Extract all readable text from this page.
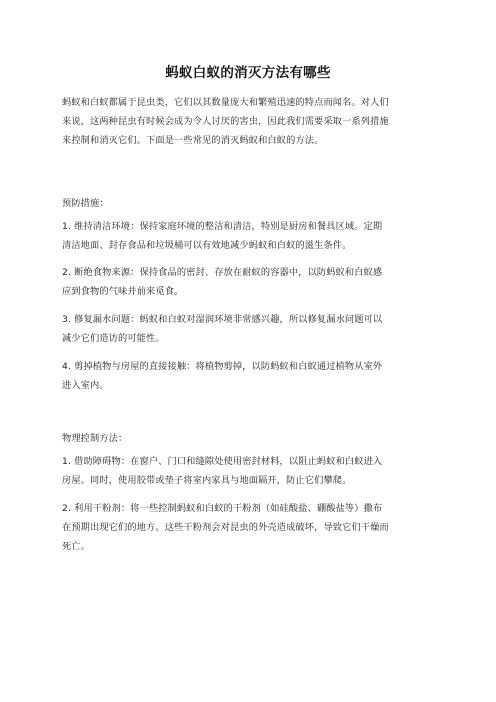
蚂蚁白蚁的消灭方法有哪些
蚂蚁和白蚁都属于昆虫类，它们以其数量庞大和繁殖迅速的特点而闻名。对人们
来说，这两种昆虫有时候会成为令人讨厌的害虫，因此我们需要采取一系列措施
来控制和消灭它们。下面是一些常见的消灭蚂蚁和白蚁的方法。
预防措施：
1. 维持清洁环境：保持家庭环境的整洁和清洁，特别是厨房和餐具区域。定期
清洁地面、封存食品和垃圾桶可以有效地减少蚂蚁和白蚁的滋生条件。
2. 断绝食物来源：保持食品的密封、存放在耐蚁的容器中，以防蚂蚁和白蚁感
应到食物的气味并前来觅食。
3. 修复漏水问题：蚂蚁和白蚁对湿润环境非常感兴趣，所以修复漏水问题可以
减少它们造访的可能性。
4. 剪掉植物与房屋的直接接触：将植物剪掉，以防蚂蚁和白蚁通过植物从室外
进入室内。
物理控制方法：
1. 借助障碍物：在窗户、门口和缝隙处使用密封材料，以阻止蚂蚁和白蚁进入
房屋。同时，使用胶带或垫子将室内家具与地面隔开，防止它们攀爬。
2. 利用干粉剂：将一些控制蚂蚁和白蚁的干粉剂（如硅酸盐、硼酸盐等）撒布
在预期出现它们的地方。这些干粉剂会对昆虫的外壳造成破坏，导致它们干燥而
死亡。
